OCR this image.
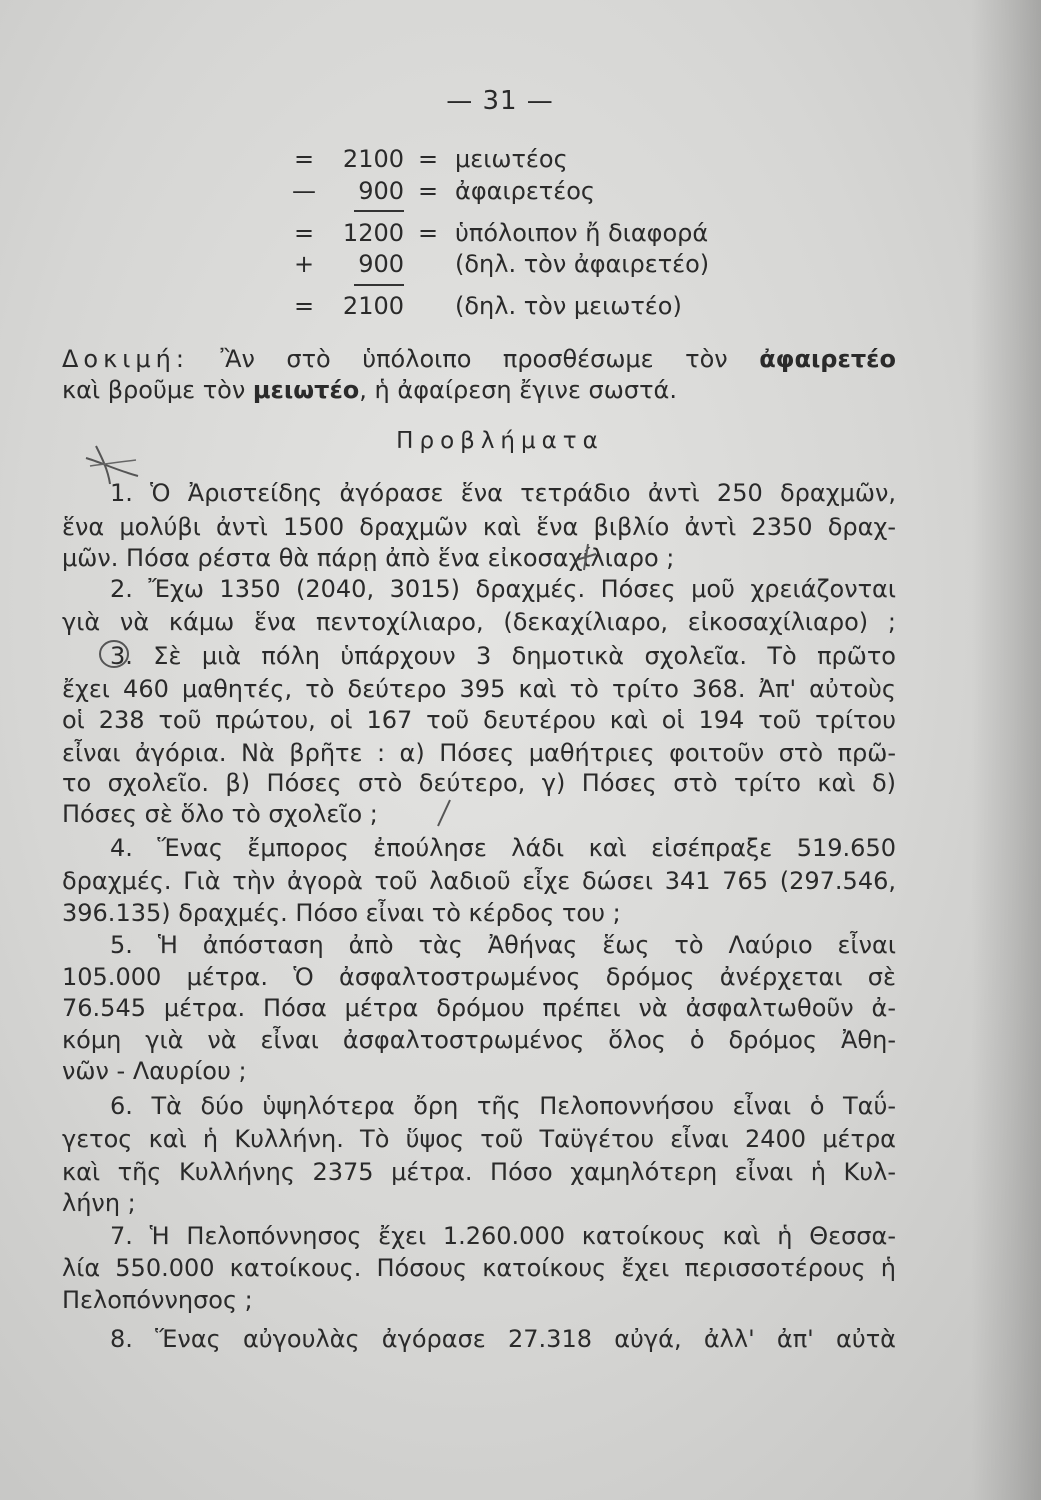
— 31 —
=	2100 = μειωτέος
—	900 = ἀφαιρετέος
=	1200 = ὑπόλοιπον ἤ διαφορά
+	900 (δηλ. τὸν ἀφαιρετέο)
=	2100 (δηλ. τὸν μειωτέο)
Δοκιμή: Ἂν στὸ ὑπόλοιπο προσθέσωμε τὸν ἀφαιρετέο
καὶ βροῦμε τὸν μειωτέο, ἡ ἀφαίρεση ἔγινε σωστά.
Προβλήματα
1. Ὁ Ἀριστείδης ἀγόρασε ἕνα τετράδιο ἀντὶ 250 δραχμῶν,
ἕνα μολύβι ἀντὶ 1500 δραχμῶν καὶ ἕνα βιβλίο ἀντὶ 2350 δραχ-
μῶν. Πόσα ρέστα θὰ πάρῃ ἀπὸ ἕνα εἰκοσαχίλιαρο ;
2. Ἔχω 1350 (2040, 3015) δραχμές. Πόσες μοῦ χρειάζονται
γιὰ νὰ κάμω ἕνα πεντοχίλιαρο, (δεκαχίλιαρο, εἰκοσαχίλιαρο) ;
3. Σὲ μιὰ πόλη ὑπάρχουν 3 δημοτικὰ σχολεῖα. Τὸ πρῶτο
ἔχει 460 μαθητές, τὸ δεύτερο 395 καὶ τὸ τρίτο 368. Ἀπ' αὐτοὺς
οἱ 238 τοῦ πρώτου, οἱ 167 τοῦ δευτέρου καὶ οἱ 194 τοῦ τρίτου
εἶναι ἀγόρια. Νὰ βρῆτε : α) Πόσες μαθήτριες φοιτοῦν στὸ πρῶ-
το σχολεῖο. β) Πόσες στὸ δεύτερο, γ) Πόσες στὸ τρίτο καὶ δ)
Πόσες σὲ ὅλο τὸ σχολεῖο ;
4. Ἕνας ἔμπορος ἐπούλησε λάδι καὶ εἰσέπραξε 519.650
δραχμές. Γιὰ τὴν ἀγορὰ τοῦ λαδιοῦ εἶχε δώσει 341 765 (297.546,
396.135) δραχμές. Πόσο εἶναι τὸ κέρδος του ;
5. Ἡ ἀπόσταση ἀπὸ τὰς Ἀθήνας ἕως τὸ Λαύριο εἶναι
105.000 μέτρα. Ὁ ἀσφαλτοστρωμένος δρόμος ἀνέρχεται σὲ
76.545 μέτρα. Πόσα μέτρα δρόμου πρέπει νὰ ἀσφαλτωθοῦν ἀ-
κόμη γιὰ νὰ εἶναι ἀσφαλτοστρωμένος ὅλος ὁ δρόμος Ἀθη-
νῶν - Λαυρίου ;
6. Τὰ δύο ὑψηλότερα ὄρη τῆς Πελοποννήσου εἶναι ὁ Ταΰ-
γετος καὶ ἡ Κυλλήνη. Τὸ ὕψος τοῦ Ταϋγέτου εἶναι 2400 μέτρα
καὶ τῆς Κυλλήνης 2375 μέτρα. Πόσο χαμηλότερη εἶναι ἡ Κυλ-
λήνη ;
7. Ἡ Πελοπόννησος ἔχει 1.260.000 κατοίκους καὶ ἡ Θεσσα-
λία 550.000 κατοίκους. Πόσους κατοίκους ἔχει περισσοτέρους ἡ
Πελοπόννησος ;
8. Ἕνας αὐγουλὰς ἀγόρασε 27.318 αὐγά, ἀλλ' ἀπ' αὐτὰ
